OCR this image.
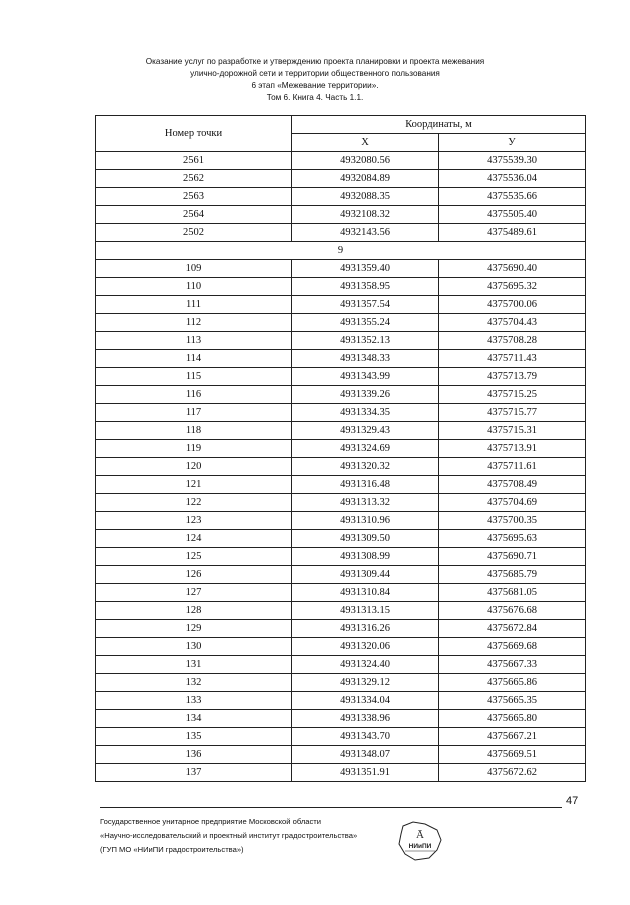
Оказание услуг по разработке и утверждению проекта планировки и проекта межевания
улично-дорожной сети и территории общественного пользования
6 этап «Межевание территории».
Том 6. Книга 4. Часть 1.1.
Номер точки	Координаты, м	
	X	У
2561	4932080.56	4375539.30
2562	4932084.89	4375536.04
2563	4932088.35	4375535.66
2564	4932108.32	4375505.40
2502	4932143.56	4375489.61
9		
109	4931359.40	4375690.40
110	4931358.95	4375695.32
111	4931357.54	4375700.06
112	4931355.24	4375704.43
113	4931352.13	4375708.28
114	4931348.33	4375711.43
115	4931343.99	4375713.79
116	4931339.26	4375715.25
117	4931334.35	4375715.77
118	4931329.43	4375715.31
119	4931324.69	4375713.91
120	4931320.32	4375711.61
121	4931316.48	4375708.49
122	4931313.32	4375704.69
123	4931310.96	4375700.35
124	4931309.50	4375695.63
125	4931308.99	4375690.71
126	4931309.44	4375685.79
127	4931310.84	4375681.05
128	4931313.15	4375676.68
129	4931316.26	4375672.84
130	4931320.06	4375669.68
131	4931324.40	4375667.33
132	4931329.12	4375665.86
133	4931334.04	4375665.35
134	4931338.96	4375665.80
135	4931343.70	4375667.21
136	4931348.07	4375669.51
137	4931351.91	4375672.62
47
Государственное унитарное предприятие Московской области
«Научно-исследовательский и проектный институт градостроительства»
(ГУП МО «НИиПИ градостроительства»)
Ā
НИиПИ
